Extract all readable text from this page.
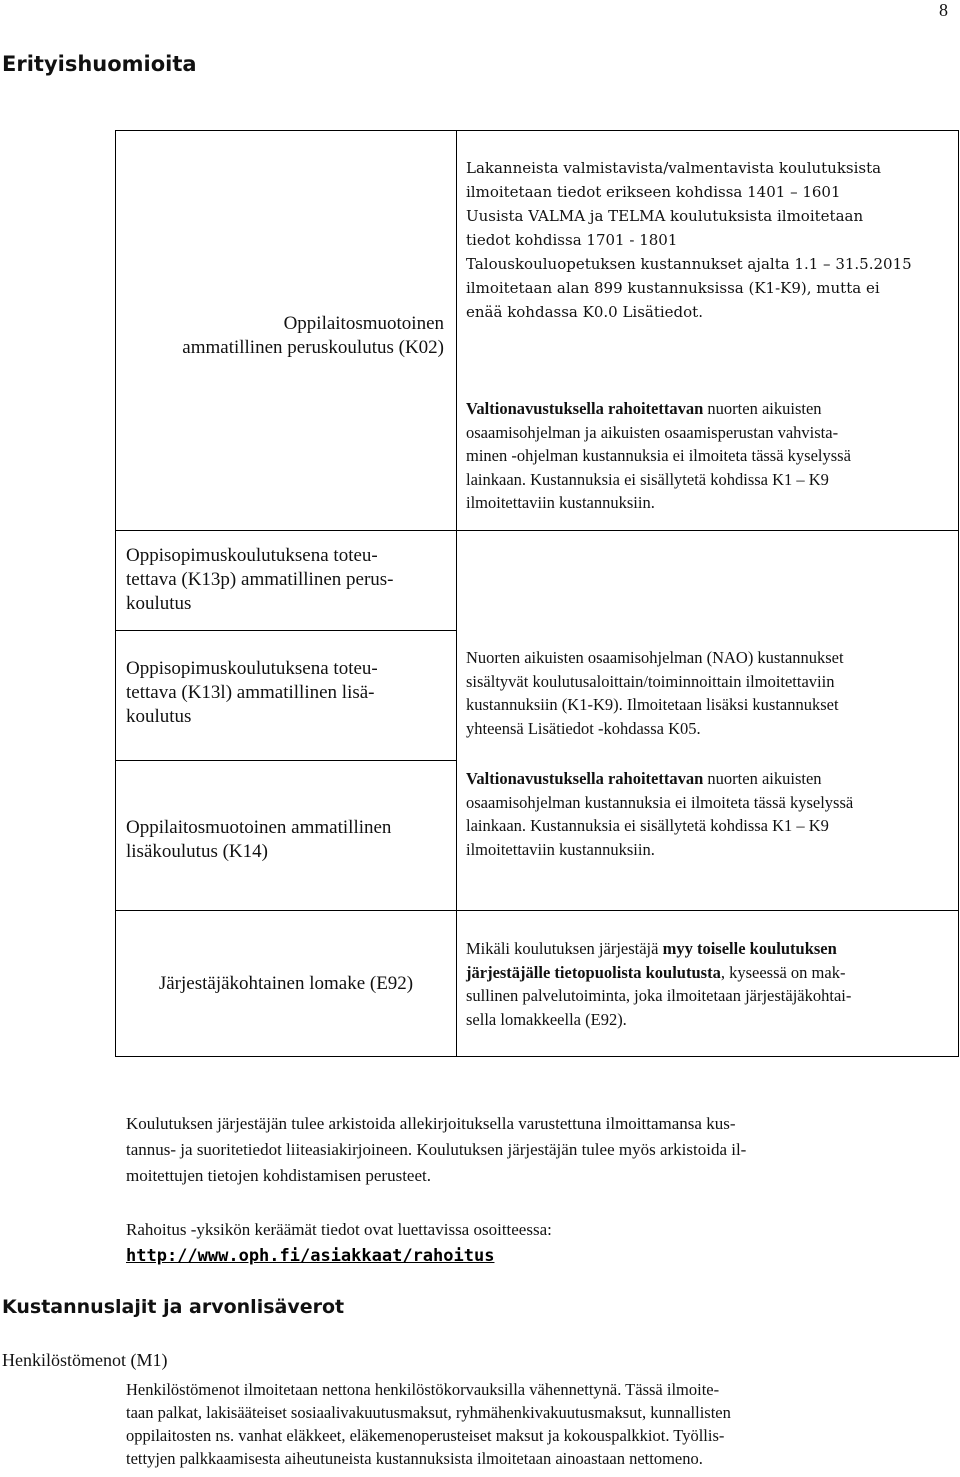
8
Erityishuomioita
Oppilaitosmuotoinen
ammatillinen peruskoulutus (K02)
Lakanneista valmistavista/valmentavista koulutuksista
ilmoitetaan tiedot erikseen kohdissa 1401 – 1601
Uusista VALMA ja TELMA koulutuksista ilmoitetaan
tiedot kohdissa 1701 - 1801
Talouskouluopetuksen kustannukset ajalta 1.1 – 31.5.2015
ilmoitetaan alan 899 kustannuksissa (K1-K9), mutta ei
enää kohdassa K0.0 Lisätiedot.
Valtionavustuksella rahoitettavan nuorten aikuisten
osaamisohjelman ja aikuisten osaamisperustan vahvista-
minen -ohjelman kustannuksia ei ilmoiteta tässä kyselyssä
lainkaan. Kustannuksia ei sisällytetä kohdissa K1 – K9
ilmoitettaviin kustannuksiin.
Oppisopimuskoulutuksena toteu-
tettava (K13p) ammatillinen perus-
koulutus
Oppisopimuskoulutuksena toteu-
tettava (K13l) ammatillinen lisä-
koulutus
Oppilaitosmuotoinen ammatillinen
lisäkoulutus (K14)
Nuorten aikuisten osaamisohjelman (NAO) kustannukset
sisältyvät koulutusaloittain/toiminnoittain ilmoitettaviin
kustannuksiin (K1-K9). Ilmoitetaan lisäksi kustannukset
yhteensä Lisätiedot -kohdassa K05.
Valtionavustuksella rahoitettavan nuorten aikuisten
osaamisohjelman kustannuksia ei ilmoiteta tässä kyselyssä
lainkaan. Kustannuksia ei sisällytetä kohdissa K1 – K9
ilmoitettaviin kustannuksiin.
Järjestäjäkohtainen lomake (E92)
Mikäli koulutuksen järjestäjä myy toiselle koulutuksen
järjestäjälle tietopuolista koulutusta, kyseessä on mak-
sullinen palvelutoiminta, joka ilmoitetaan järjestäjäkohtai-
sella lomakkeella (E92).
Koulutuksen järjestäjän tulee arkistoida allekirjoituksella varustettuna ilmoittamansa kus-
tannus- ja suoritetiedot liiteasiakirjoineen. Koulutuksen järjestäjän tulee myös arkistoida il-
moitettujen tietojen kohdistamisen perusteet.
Rahoitus -yksikön keräämät tiedot ovat luettavissa osoitteessa:
http://www.oph.fi/asiakkaat/rahoitus
Kustannuslajit ja arvonlisäverot
Henkilöstömenot (M1)
Henkilöstömenot ilmoitetaan nettona henkilöstökorvauksilla vähennettynä. Tässä ilmoite-
taan palkat, lakisääteiset sosiaalivakuutusmaksut, ryhmähenkivakuutusmaksut, kunnallisten
oppilaitosten ns. vanhat eläkkeet, eläkemenoperusteiset maksut ja kokouspalkkiot. Työllis-
tettyjen palkkaamisesta aiheutuneista kustannuksista ilmoitetaan ainoastaan nettomeno.
